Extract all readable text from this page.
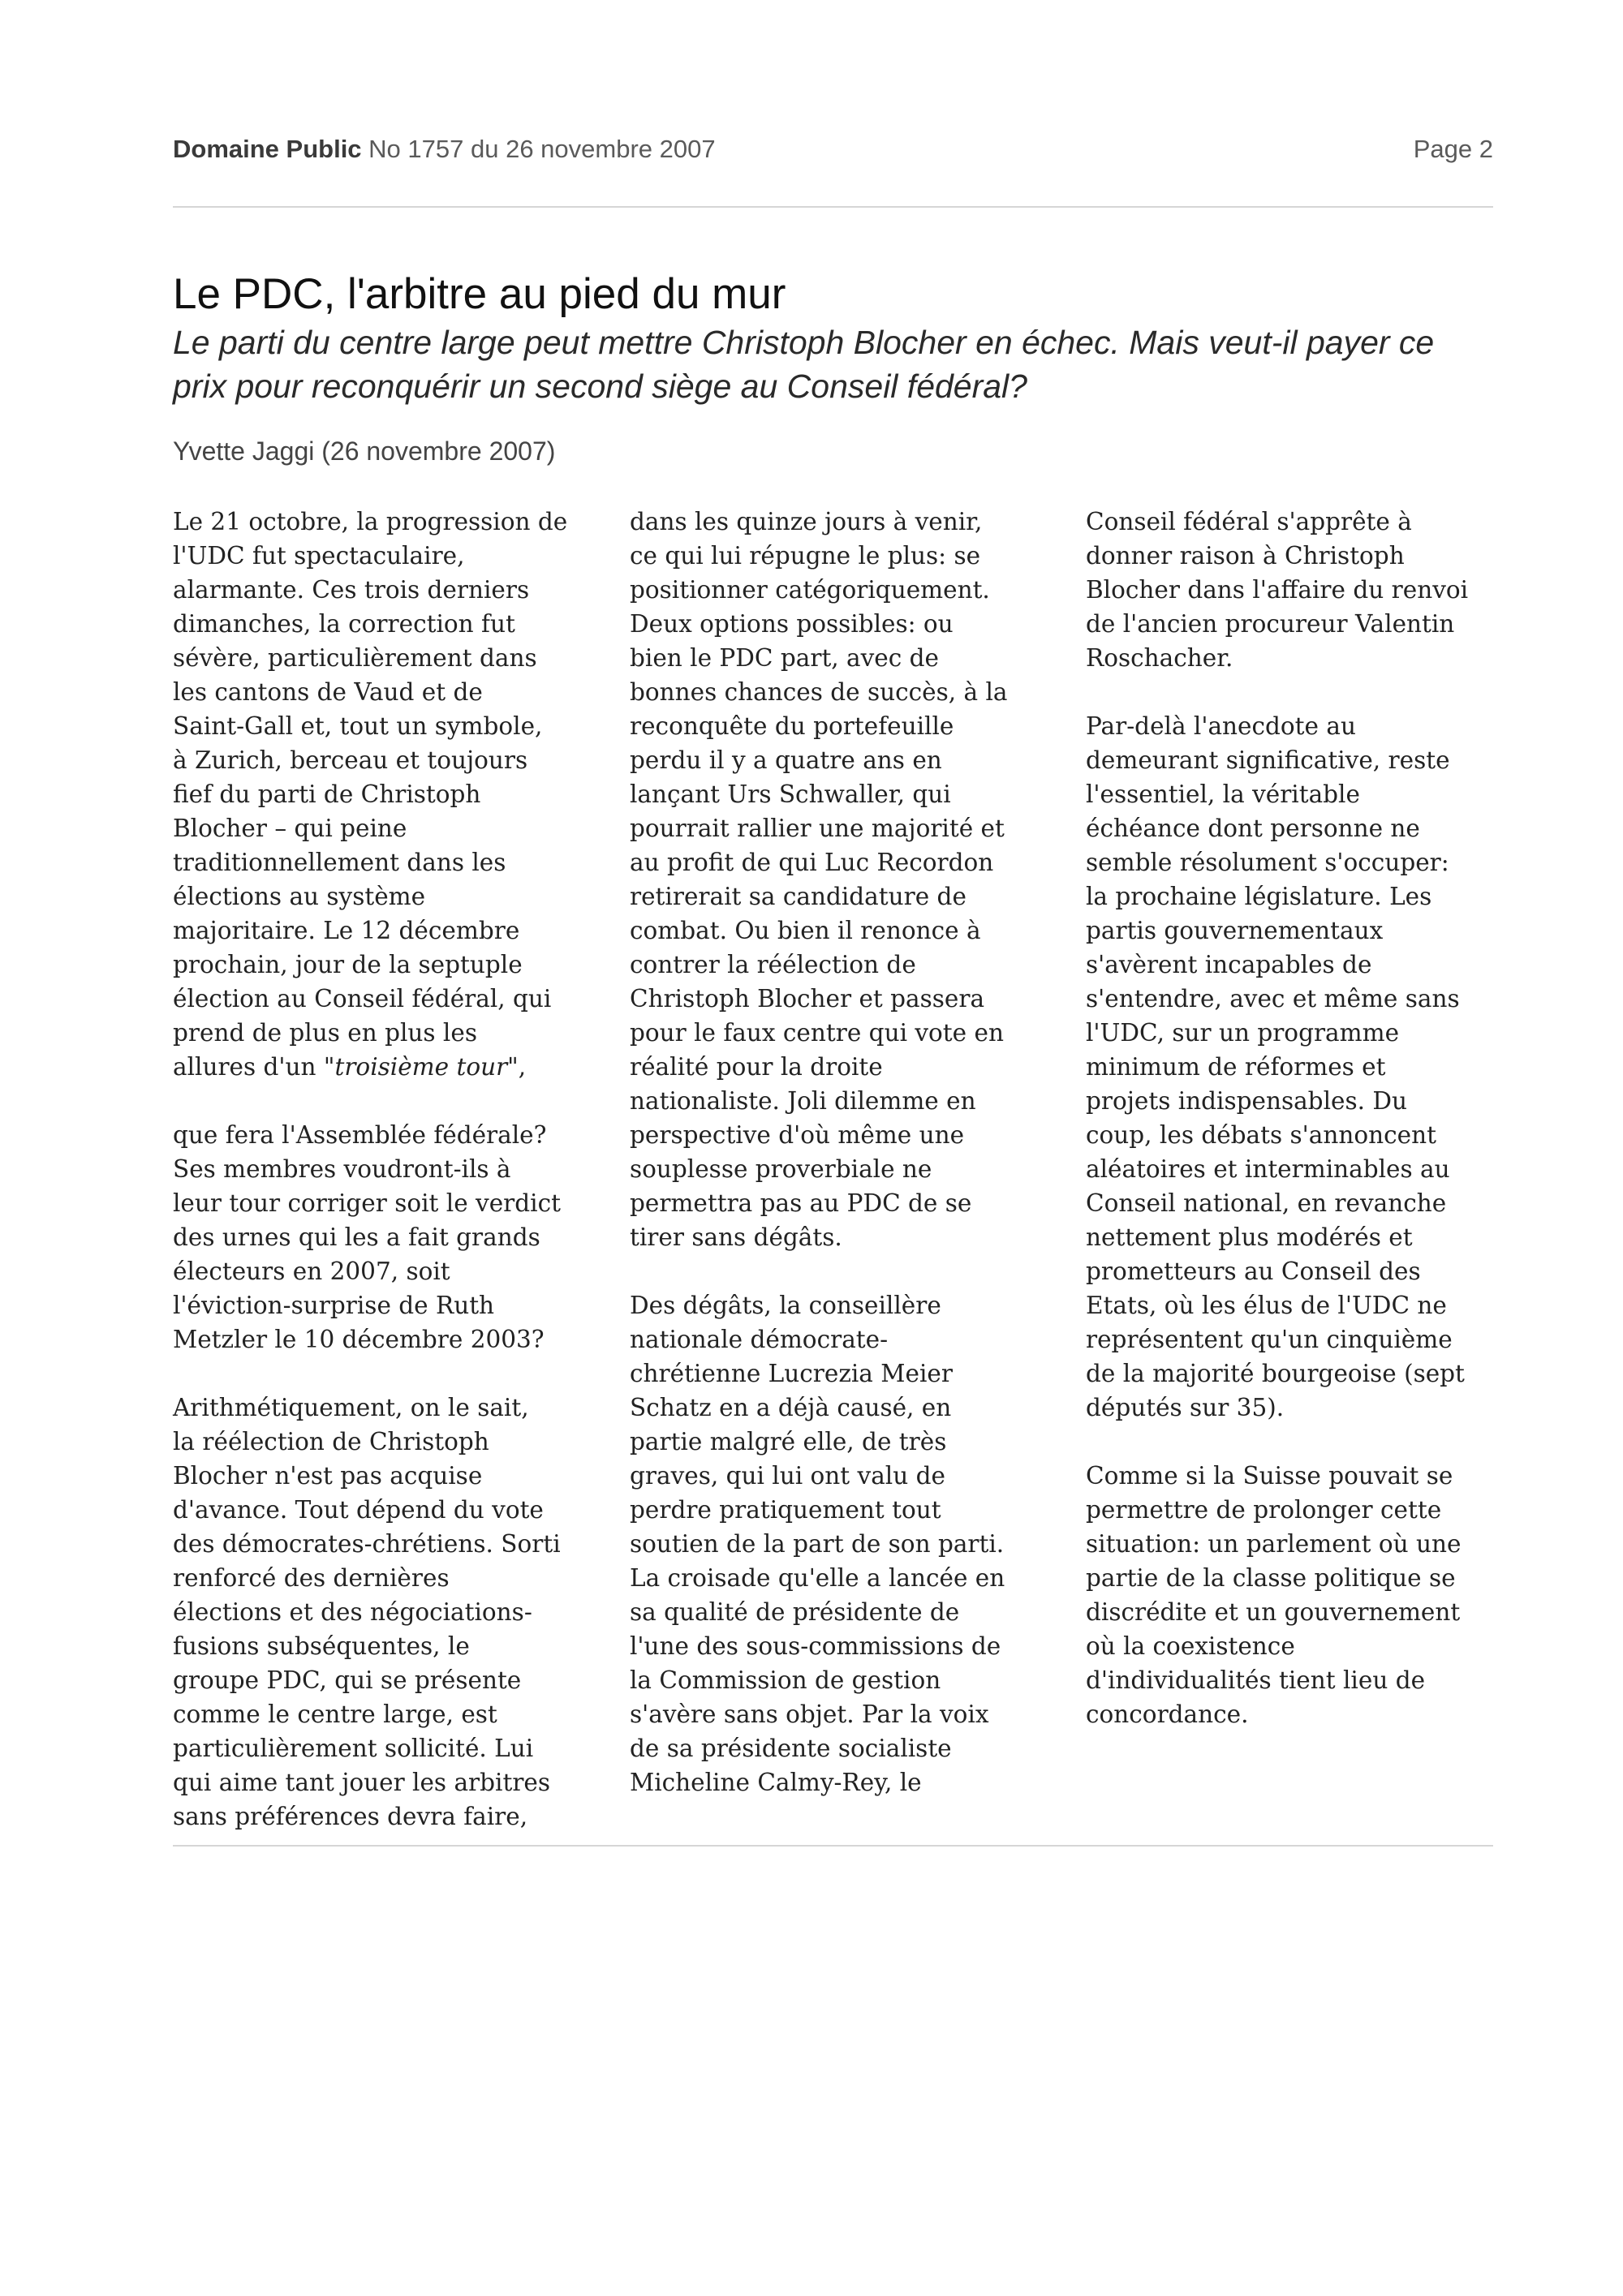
Domaine Public No 1757 du 26 novembre 2007	Page 2
Le PDC, l'arbitre au pied du mur

Le parti du centre large peut mettre Christoph Blocher en échec. Mais veut-il payer ce prix pour reconquérir un second siège au Conseil fédéral?

Yvette Jaggi (26 novembre 2007)

Le 21 octobre, la progression de
l'UDC fut spectaculaire,
alarmante. Ces trois derniers
dimanches, la correction fut
sévère, particulièrement dans
les cantons de Vaud et de
Saint-Gall et, tout un symbole,
à Zurich, berceau et toujours
fief du parti de Christoph
Blocher – qui peine
traditionnellement dans les
élections au système
majoritaire. Le 12 décembre
prochain, jour de la septuple
élection au Conseil fédéral, qui
prend de plus en plus les
allures d'un "troisième tour",

que fera l'Assemblée fédérale?
Ses membres voudront-ils à
leur tour corriger soit le verdict
des urnes qui les a fait grands
électeurs en 2007, soit
l'éviction-surprise de Ruth
Metzler le 10 décembre 2003?

Arithmétiquement, on le sait,
la réélection de Christoph
Blocher n'est pas acquise
d'avance. Tout dépend du vote
des démocrates-chrétiens. Sorti
renforcé des dernières
élections et des négociations-
fusions subséquentes, le
groupe PDC, qui se présente
comme le centre large, est
particulièrement sollicité. Lui
qui aime tant jouer les arbitres
sans préférences devra faire,

dans les quinze jours à venir,
ce qui lui répugne le plus: se
positionner catégoriquement.
Deux options possibles: ou
bien le PDC part, avec de
bonnes chances de succès, à la
reconquête du portefeuille
perdu il y a quatre ans en
lançant Urs Schwaller, qui
pourrait rallier une majorité et
au profit de qui Luc Recordon
retirerait sa candidature de
combat. Ou bien il renonce à
contrer la réélection de
Christoph Blocher et passera
pour le faux centre qui vote en
réalité pour la droite
nationaliste. Joli dilemme en
perspective d'où même une
souplesse proverbiale ne
permettra pas au PDC de se
tirer sans dégâts.

Des dégâts, la conseillère
nationale démocrate-
chrétienne Lucrezia Meier
Schatz en a déjà causé, en
partie malgré elle, de très
graves, qui lui ont valu de
perdre pratiquement tout
soutien de la part de son parti.
La croisade qu'elle a lancée en
sa qualité de présidente de
l'une des sous-commissions de
la Commission de gestion
s'avère sans objet. Par la voix
de sa présidente socialiste
Micheline Calmy-Rey, le

Conseil fédéral s'apprête à
donner raison à Christoph
Blocher dans l'affaire du renvoi
de l'ancien procureur Valentin
Roschacher.

Par-delà l'anecdote au
demeurant significative, reste
l'essentiel, la véritable
échéance dont personne ne
semble résolument s'occuper:
la prochaine législature. Les
partis gouvernementaux
s'avèrent incapables de
s'entendre, avec et même sans
l'UDC, sur un programme
minimum de réformes et
projets indispensables. Du
coup, les débats s'annoncent
aléatoires et interminables au
Conseil national, en revanche
nettement plus modérés et
prometteurs au Conseil des
Etats, où les élus de l'UDC ne
représentent qu'un cinquième
de la majorité bourgeoise (sept
députés sur 35).

Comme si la Suisse pouvait se
permettre de prolonger cette
situation: un parlement où une
partie de la classe politique se
discrédite et un gouvernement
où la coexistence
d'individualités tient lieu de
concordance.
